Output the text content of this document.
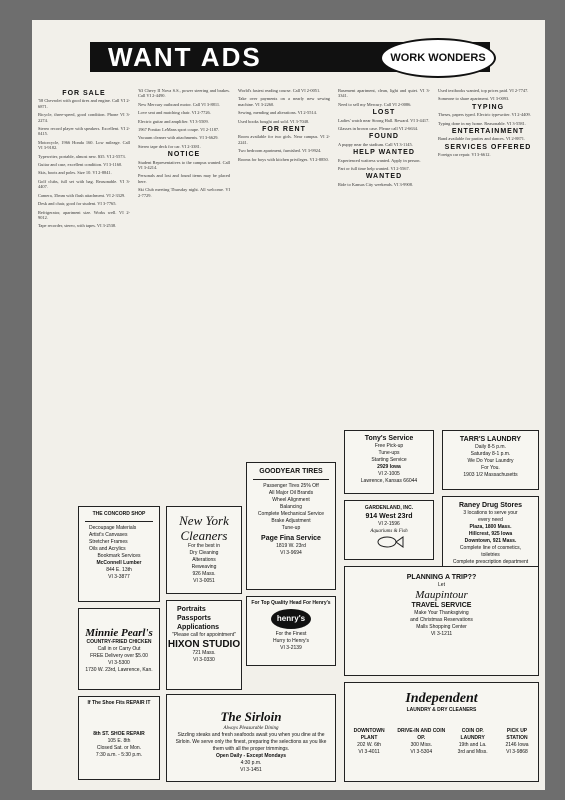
WANT ADS	WORK WONDERS
FOR SALE
'58 Chevrolet with good tires and engine. Call VI 2-6871.
Bicycle, three-speed, good condition. Phone VI 3-2274.
Stereo record player with speakers. Excellent. VI 2-0415.
Motorcycle, 1966 Honda 160. Low mileage. Call VI 3-9182.
Typewriter, portable, almost new. $35. VI 2-5573.
Guitar and case, excellent condition. VI 3-1160.
Skis, boots and poles. Size 10. VI 2-8841.
Golf clubs, full set with bag. Reasonable. VI 3-4407.
Camera, 35mm with flash attachment. VI 2-3329.
Desk and chair, good for student. VI 3-7765.
Refrigerator, apartment size. Works well. VI 2-9012.
Tape recorder, stereo, with tapes. VI 3-2538.
'63 Chevy II Nova S.S., power steering and brakes. Call VI 2-4490.
New Mercury outboard motor. Call VI 3-8811.
Love seat and matching chair. VI 2-7726.
Electric guitar and amplifier. VI 3-5509.
1967 Pontiac LeMans sport coupe. VI 2-1187.
Vacuum cleaner with attachments. VI 3-6629.
Stereo tape deck for car. VI 2-3381.
NOTICE
Student Representatives to the campus wanted. Call VI 3-4214.
Personals and lost and found items may be placed here.
Ski Club meeting Thursday night. All welcome. VI 2-7729.
World's fastest reading course. Call VI 2-0051.
Take over payments on a nearly new sewing machine. VI 3-2260.
Sewing, mending and alterations. VI 2-5514.
Used books bought and sold. VI 3-7048.
FOR RENT
Room available for two girls. Near campus. VI 2-2241.
Two bedroom apartment, furnished. VI 3-9924.
Rooms for boys with kitchen privileges. VI 2-8850.
Basement apartment, clean, light and quiet. VI 3-3341.
Need to sell my Mercury. Call VI 2-0086.
LOST
Ladies' watch near Strong Hall. Reward. VI 3-4417.
Glasses in brown case. Please call VI 2-6634.
FOUND
A puppy near the stadium. Call VI 3-1145.
HELP WANTED
Experienced waitress wanted. Apply in person.
Part or full time help wanted. VI 2-5567.
WANTED
Ride to Kansas City weekends. VI 3-9908.
Used textbooks wanted, top prices paid. VI 2-7747.
Someone to share apartment. VI 3-0093.
TYPING
Theses, papers typed. Electric typewriter. VI 2-4409.
Typing done in my home. Reasonable. VI 3-5581.
ENTERTAINMENT
Band available for parties and dances. VI 2-8871.
SERVICES OFFERED
Foreign car repair. VI 3-6612.
GOODYEAR TIRES
Passenger Tires 25% Off
All Major Oil Brands
Wheel Alignment
Balancing
Complete Mechanical Service
Brake Adjustment
Tune-up
Page Fina Service
1819 W. 23rd
VI 3-9694
Tony's Service
Free Pick-up
Tune-ups
Starting Service
2929 Iowa
VI 2-1005
Lawrence, Kansas 66044
TARR'S LAUNDRY
Daily 8-5 p.m.
Saturday 8-1 p.m.
We Do Your Laundry
For You.
1903 1/2 Massachusetts
THE CONCORD SHOP
Decoupage Materials
Artist's Canvases
Stretcher Frames
Oils and Acrylics
Bookmark Services
McConnell Lumber
844 E. 13th
VI 3-3877
New York Cleaners
For the best in
Dry Cleaning
Alterations
Reweaving
926 Mass.
VI 3-0051
GARDENLAND, INC.
914 West 23rd
VI 2-1596
Aquariums & Fish
Raney Drug Stores
3 locations to serve your
every need
Plaza, 1800 Mass.
Hillcrest, 925 Iowa
Downtown, 921 Mass.
Complete line of cosmetics,
toiletries
Complete prescription department
For Top Quality Head For Henry's
henry's
For the Finest
Hurry to Henry's
VI 3-2139
Minnie Pearl's
COUNTRY-FRIED CHICKEN
Call in or Carry Out
FREE Delivery over $5.00
VI 3-5300
1730 W. 23rd, Lawrence, Kan.
Portraits
Passports
Applications
"Please call for appointment"
HIXON STUDIO
721 Mass.
VI 3-0330
PLANNING A TRIP??
Let
Maupintour
TRAVEL SERVICE
Make Your Thanksgiving
and Christmas Reservations
Malls Shopping Center
VI 3-1211
If The Shoe Fits REPAIR IT
8th ST. SHOE REPAIR
105 E. 8th
Closed Sat. or Mon.
7:30 a.m. - 5:30 p.m.
The Sirloin
Always Pleasurable Dining
Sizzling steaks and fresh seafoods await you when you dine at the Sirloin. We serve only the finest, preparing the selections as you like them with all the proper trimmings.
Open Daily - Except Mondays
4:30 p.m.
VI 3-1451
Independent
LAUNDRY & DRY CLEANERS
DOWNTOWN PLANT
202 W. 6th
VI 3-4011
DRIVE-IN AND COIN OP.
300 Miss.
VI 3-5304
COIN OP. LAUNDRY
19th and La.
3rd and Miss.
PICK UP STATION
2146 Iowa
VI 3-9868
